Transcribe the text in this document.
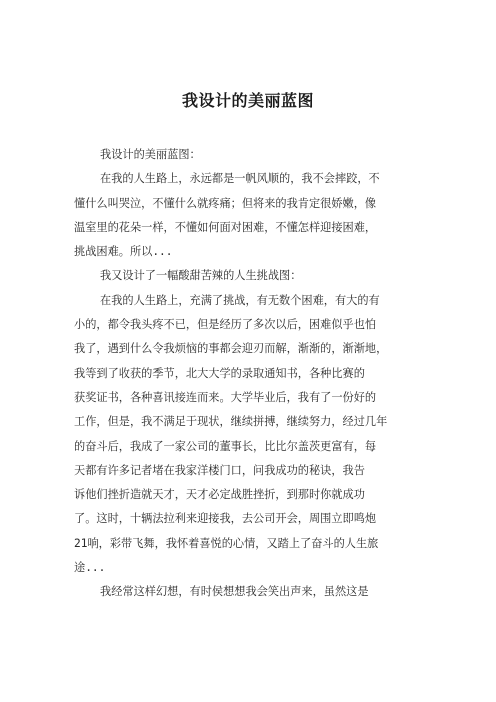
我设计的美丽蓝图
我设计的美丽蓝图：
在我的人生路上，永远都是一帆风顺的，我不会摔跤，不
懂什么叫哭泣，不懂什么就疼痛；但将来的我肯定很娇嫩，像
温室里的花朵一样，不懂如何面对困难，不懂怎样迎接困难，
挑战困难。所以...
我又设计了一幅酸甜苦辣的人生挑战图：
在我的人生路上，充满了挑战，有无数个困难，有大的有
小的，都令我头疼不已，但是经历了多次以后，困难似乎也怕
我了，遇到什么令我烦恼的事都会迎刃而解，渐渐的，渐渐地，
我等到了收获的季节，北大大学的录取通知书，各种比赛的
获奖证书，各种喜讯接连而来。大学毕业后，我有了一份好的
工作，但是，我不满足于现状，继续拼搏，继续努力，经过几年
的奋斗后，我成了一家公司的董事长，比比尔盖茨更富有，每
天都有许多记者堵在我家洋楼门口，问我成功的秘诀，我告
诉他们挫折造就天才，天才必定战胜挫折，到那时你就成功
了。这时，十辆法拉利来迎接我，去公司开会，周围立即鸣炮
21响，彩带飞舞，我怀着喜悦的心情，又踏上了奋斗的人生旅
途...
我经常这样幻想，有时侯想想我会笑出声来，虽然这是
